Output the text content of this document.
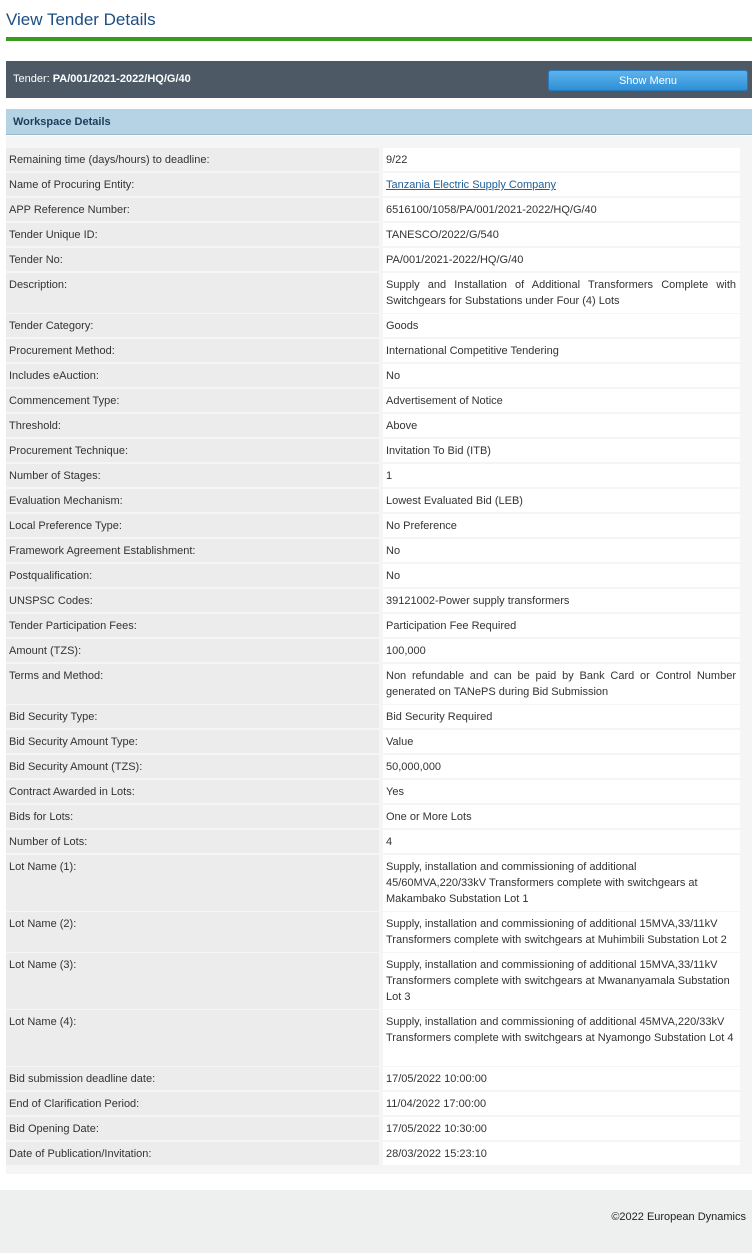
View Tender Details
Tender: PA/001/2021-2022/HQ/G/40	Show Menu
Workspace Details
Remaining time (days/hours) to deadline:	9/22
Name of Procuring Entity:	Tanzania Electric Supply Company
APP Reference Number:	6516100/1058/PA/001/2021-2022/HQ/G/40
Tender Unique ID:	TANESCO/2022/G/540
Tender No:	PA/001/2021-2022/HQ/G/40
Description:	Supply and Installation of Additional Transformers Complete with Switchgears for Substations under Four (4) Lots
Tender Category:	Goods
Procurement Method:	International Competitive Tendering
Includes eAuction:	No
Commencement Type:	Advertisement of Notice
Threshold:	Above
Procurement Technique:	Invitation To Bid (ITB)
Number of Stages:	1
Evaluation Mechanism:	Lowest Evaluated Bid (LEB)
Local Preference Type:	No Preference
Framework Agreement Establishment:	No
Postqualification:	No
UNSPSC Codes:	39121002-Power supply transformers
Tender Participation Fees:	Participation Fee Required
Amount (TZS):	100,000
Terms and Method:	Non refundable and can be paid by Bank Card or Control Number generated on TANePS during Bid Submission
Bid Security Type:	Bid Security Required
Bid Security Amount Type:	Value
Bid Security Amount (TZS):	50,000,000
Contract Awarded in Lots:	Yes
Bids for Lots:	One or More Lots
Number of Lots:	4
Lot Name (1):	Supply, installation and commissioning of additional 45/60MVA,220/33kV Transformers complete with switchgears at Makambako Substation Lot 1
Lot Name (2):	Supply, installation and commissioning of additional 15MVA,33/11kV Transformers complete with switchgears at Muhimbili Substation Lot 2
Lot Name (3):	Supply, installation and commissioning of additional 15MVA,33/11kV Transformers complete with switchgears at Mwananyamala Substation Lot 3
Lot Name (4):	Supply, installation and commissioning of additional 45MVA,220/33kV Transformers complete with switchgears at Nyamongo Substation Lot 4
Bid submission deadline date:	17/05/2022 10:00:00
End of Clarification Period:	11/04/2022 17:00:00
Bid Opening Date:	17/05/2022 10:30:00
Date of Publication/Invitation:	28/03/2022 15:23:10
©2022 European Dynamics
